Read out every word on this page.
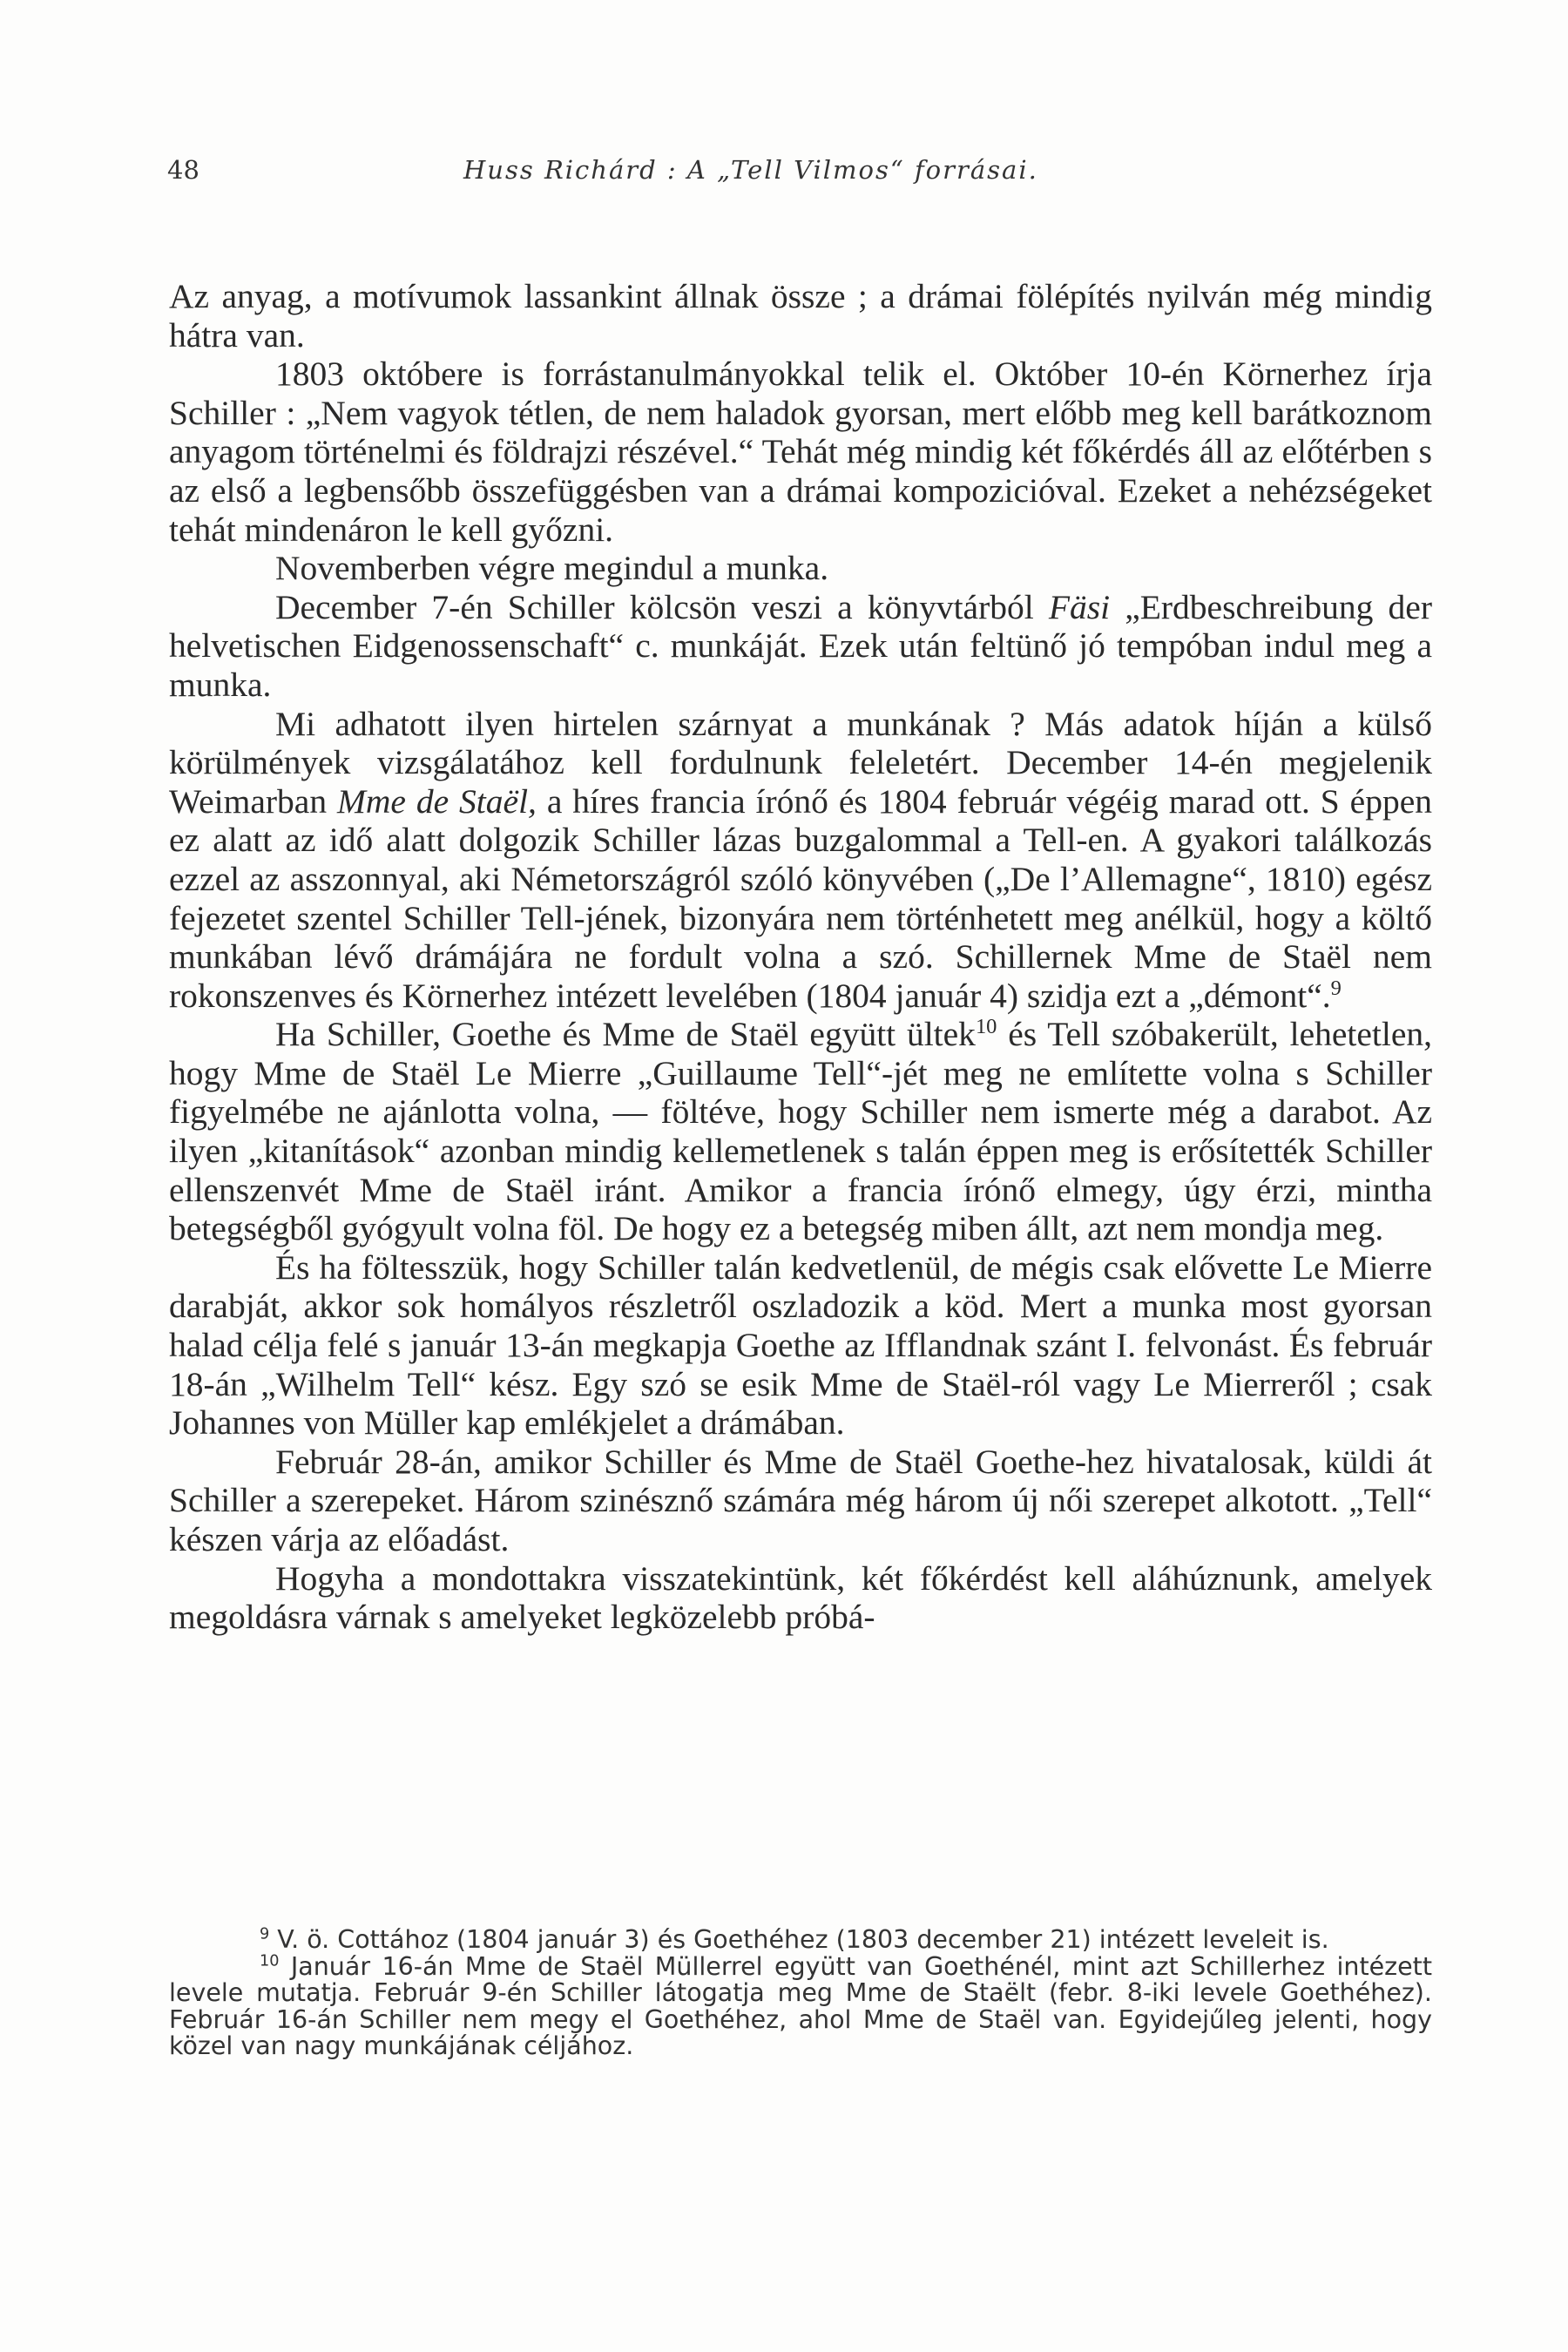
48	Huss Richárd : A „Tell Vilmos“ forrásai.

Az anyag, a motívumok lassankint állnak össze ; a drámai fölépítés nyilván még mindig hátra van.

1803 októbere is forrástanulmányokkal telik el. Október 10-én Körnerhez írja Schiller : „Nem vagyok tétlen, de nem haladok gyorsan, mert előbb meg kell barátkoznom anyagom történelmi és földrajzi részével.“ Tehát még mindig két főkérdés áll az előtérben s az első a legbensőbb összefüggésben van a drámai kompozicióval. Ezeket a nehézségeket tehát mindenáron le kell győzni.

Novemberben végre megindul a munka.

December 7-én Schiller kölcsön veszi a könyvtárból Fäsi „Erdbeschreibung der helvetischen Eidgenossenschaft“ c. munkáját. Ezek után feltünő jó tempóban indul meg a munka.

Mi adhatott ilyen hirtelen szárnyat a munkának ? Más adatok híján a külső körülmények vizsgálatához kell fordulnunk feleletért. December 14-én megjelenik Weimarban Mme de Staël, a híres francia írónő és 1804 február végéig marad ott. S éppen ez alatt az idő alatt dolgozik Schiller lázas buzgalommal a Tell-en. A gyakori találkozás ezzel az asszonnyal, aki Németországról szóló könyvében („De l’Allemagne“, 1810) egész fejezetet szentel Schiller Tell-jének, bizonyára nem történhetett meg anélkül, hogy a költő munkában lévő drámájára ne fordult volna a szó. Schillernek Mme de Staël nem rokonszenves és Körnerhez intézett levelében (1804 január 4) szidja ezt a „démont“.$^9$

Ha Schiller, Goethe és Mme de Staël együtt ültek$^{10}$ és Tell szóbakerült, lehetetlen, hogy Mme de Staël Le Mierre „Guillaume Tell“-jét meg ne említette volna s Schiller figyelmébe ne ajánlotta volna, — föltéve, hogy Schiller nem ismerte még a darabot. Az ilyen „kitanítások“ azonban mindig kellemetlenek s talán éppen meg is erősítették Schiller ellenszenvét Mme de Staël iránt. Amikor a francia írónő elmegy, úgy érzi, mintha betegségből gyógyult volna föl. De hogy ez a betegség miben állt, azt nem mondja meg.

És ha föltesszük, hogy Schiller talán kedvetlenül, de mégis csak elővette Le Mierre darabját, akkor sok homályos részletről oszladozik a köd. Mert a munka most gyorsan halad célja felé s január 13-án megkapja Goethe az Ifflandnak szánt I. felvonást. És február 18-án „Wilhelm Tell“ kész. Egy szó se esik Mme de Staël-ról vagy Le Mierreről ; csak Johannes von Müller kap emlékjelet a drámában.

Február 28-án, amikor Schiller és Mme de Staël Goethe-hez hivatalosak, küldi át Schiller a szerepeket. Három szinésznő számára még három új női szerepet alkotott. „Tell“ készen várja az előadást.

Hogyha a mondottakra visszatekintünk, két főkérdést kell aláhúznunk, amelyek megoldásra várnak s amelyeket legközelebb próbá-

$^9$ V. ö. Cottához (1804 január 3) és Goethéhez (1803 december 21) intézett leveleit is.

$^{10}$ Január 16-án Mme de Staël Müllerrel együtt van Goethénél, mint azt Schillerhez intézett levele mutatja. Február 9-én Schiller látogatja meg Mme de Staëlt (febr. 8-iki levele Goethéhez). Február 16-án Schiller nem megy el Goethéhez, ahol Mme de Staël van. Egyidejűleg jelenti, hogy közel van nagy munkájának céljához.
